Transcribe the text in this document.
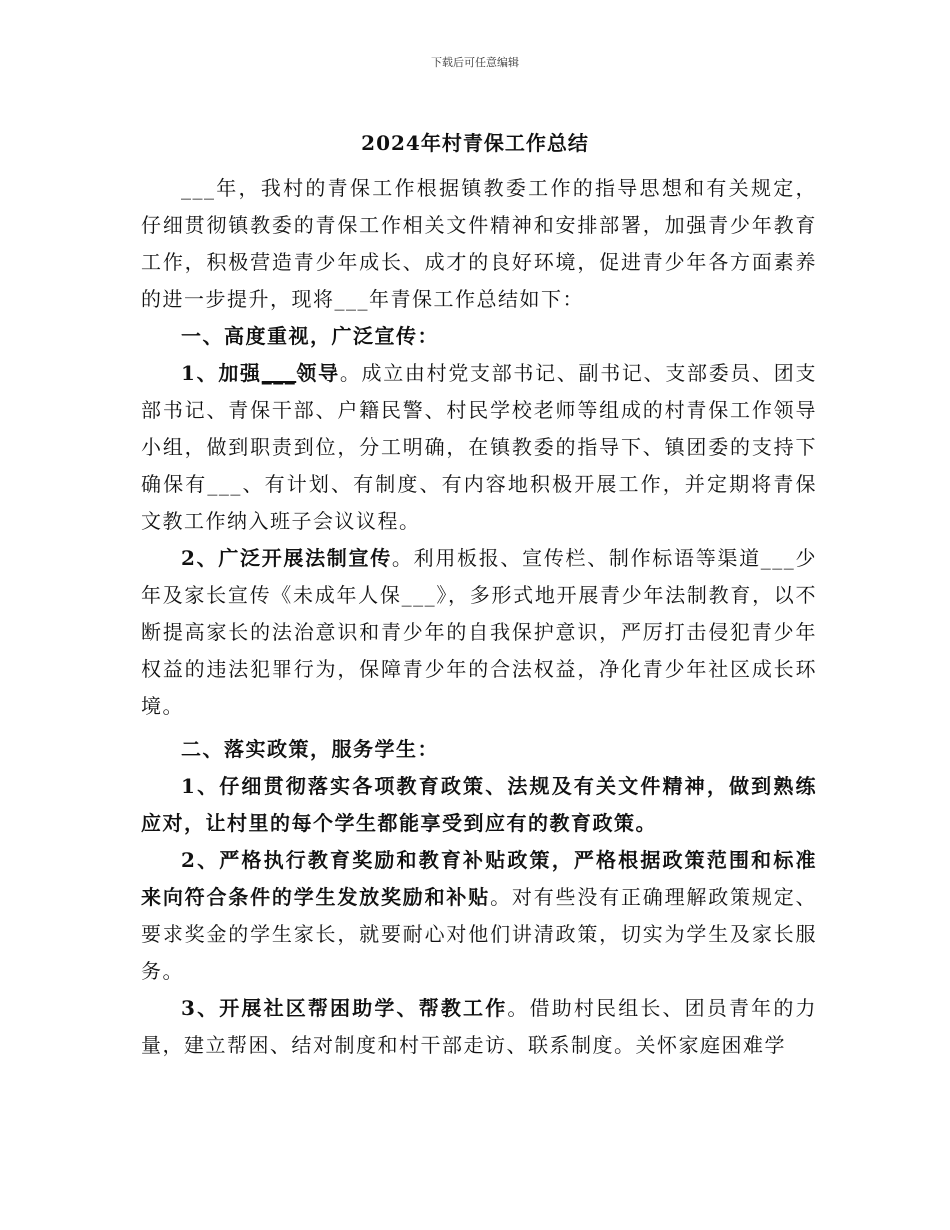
下载后可任意编辑
2024年村青保工作总结

___年，我村的青保工作根据镇教委工作的指导思想和有关规定，仔细贯彻镇教委的青保工作相关文件精神和安排部署，加强青少年教育工作，积极营造青少年成长、成才的良好环境，促进青少年各方面素养的进一步提升，现将___年青保工作总结如下：

一、高度重视，广泛宣传：

1、加强___领导。成立由村党支部书记、副书记、支部委员、团支部书记、青保干部、户籍民警、村民学校老师等组成的村青保工作领导小组，做到职责到位，分工明确，在镇教委的指导下、镇团委的支持下确保有___、有计划、有制度、有内容地积极开展工作，并定期将青保文教工作纳入班子会议议程。

2、广泛开展法制宣传。利用板报、宣传栏、制作标语等渠道___少年及家长宣传《未成年人保___》，多形式地开展青少年法制教育，以不断提高家长的法治意识和青少年的自我保护意识，严厉打击侵犯青少年权益的违法犯罪行为，保障青少年的合法权益，净化青少年社区成长环境。

二、落实政策，服务学生：

1、仔细贯彻落实各项教育政策、法规及有关文件精神，做到熟练应对，让村里的每个学生都能享受到应有的教育政策。

2、严格执行教育奖励和教育补贴政策，严格根据政策范围和标准来向符合条件的学生发放奖励和补贴。对有些没有正确理解政策规定、要求奖金的学生家长，就要耐心对他们讲清政策，切实为学生及家长服务。

3、开展社区帮困助学、帮教工作。借助村民组长、团员青年的力量，建立帮困、结对制度和村干部走访、联系制度。关怀家庭困难学
